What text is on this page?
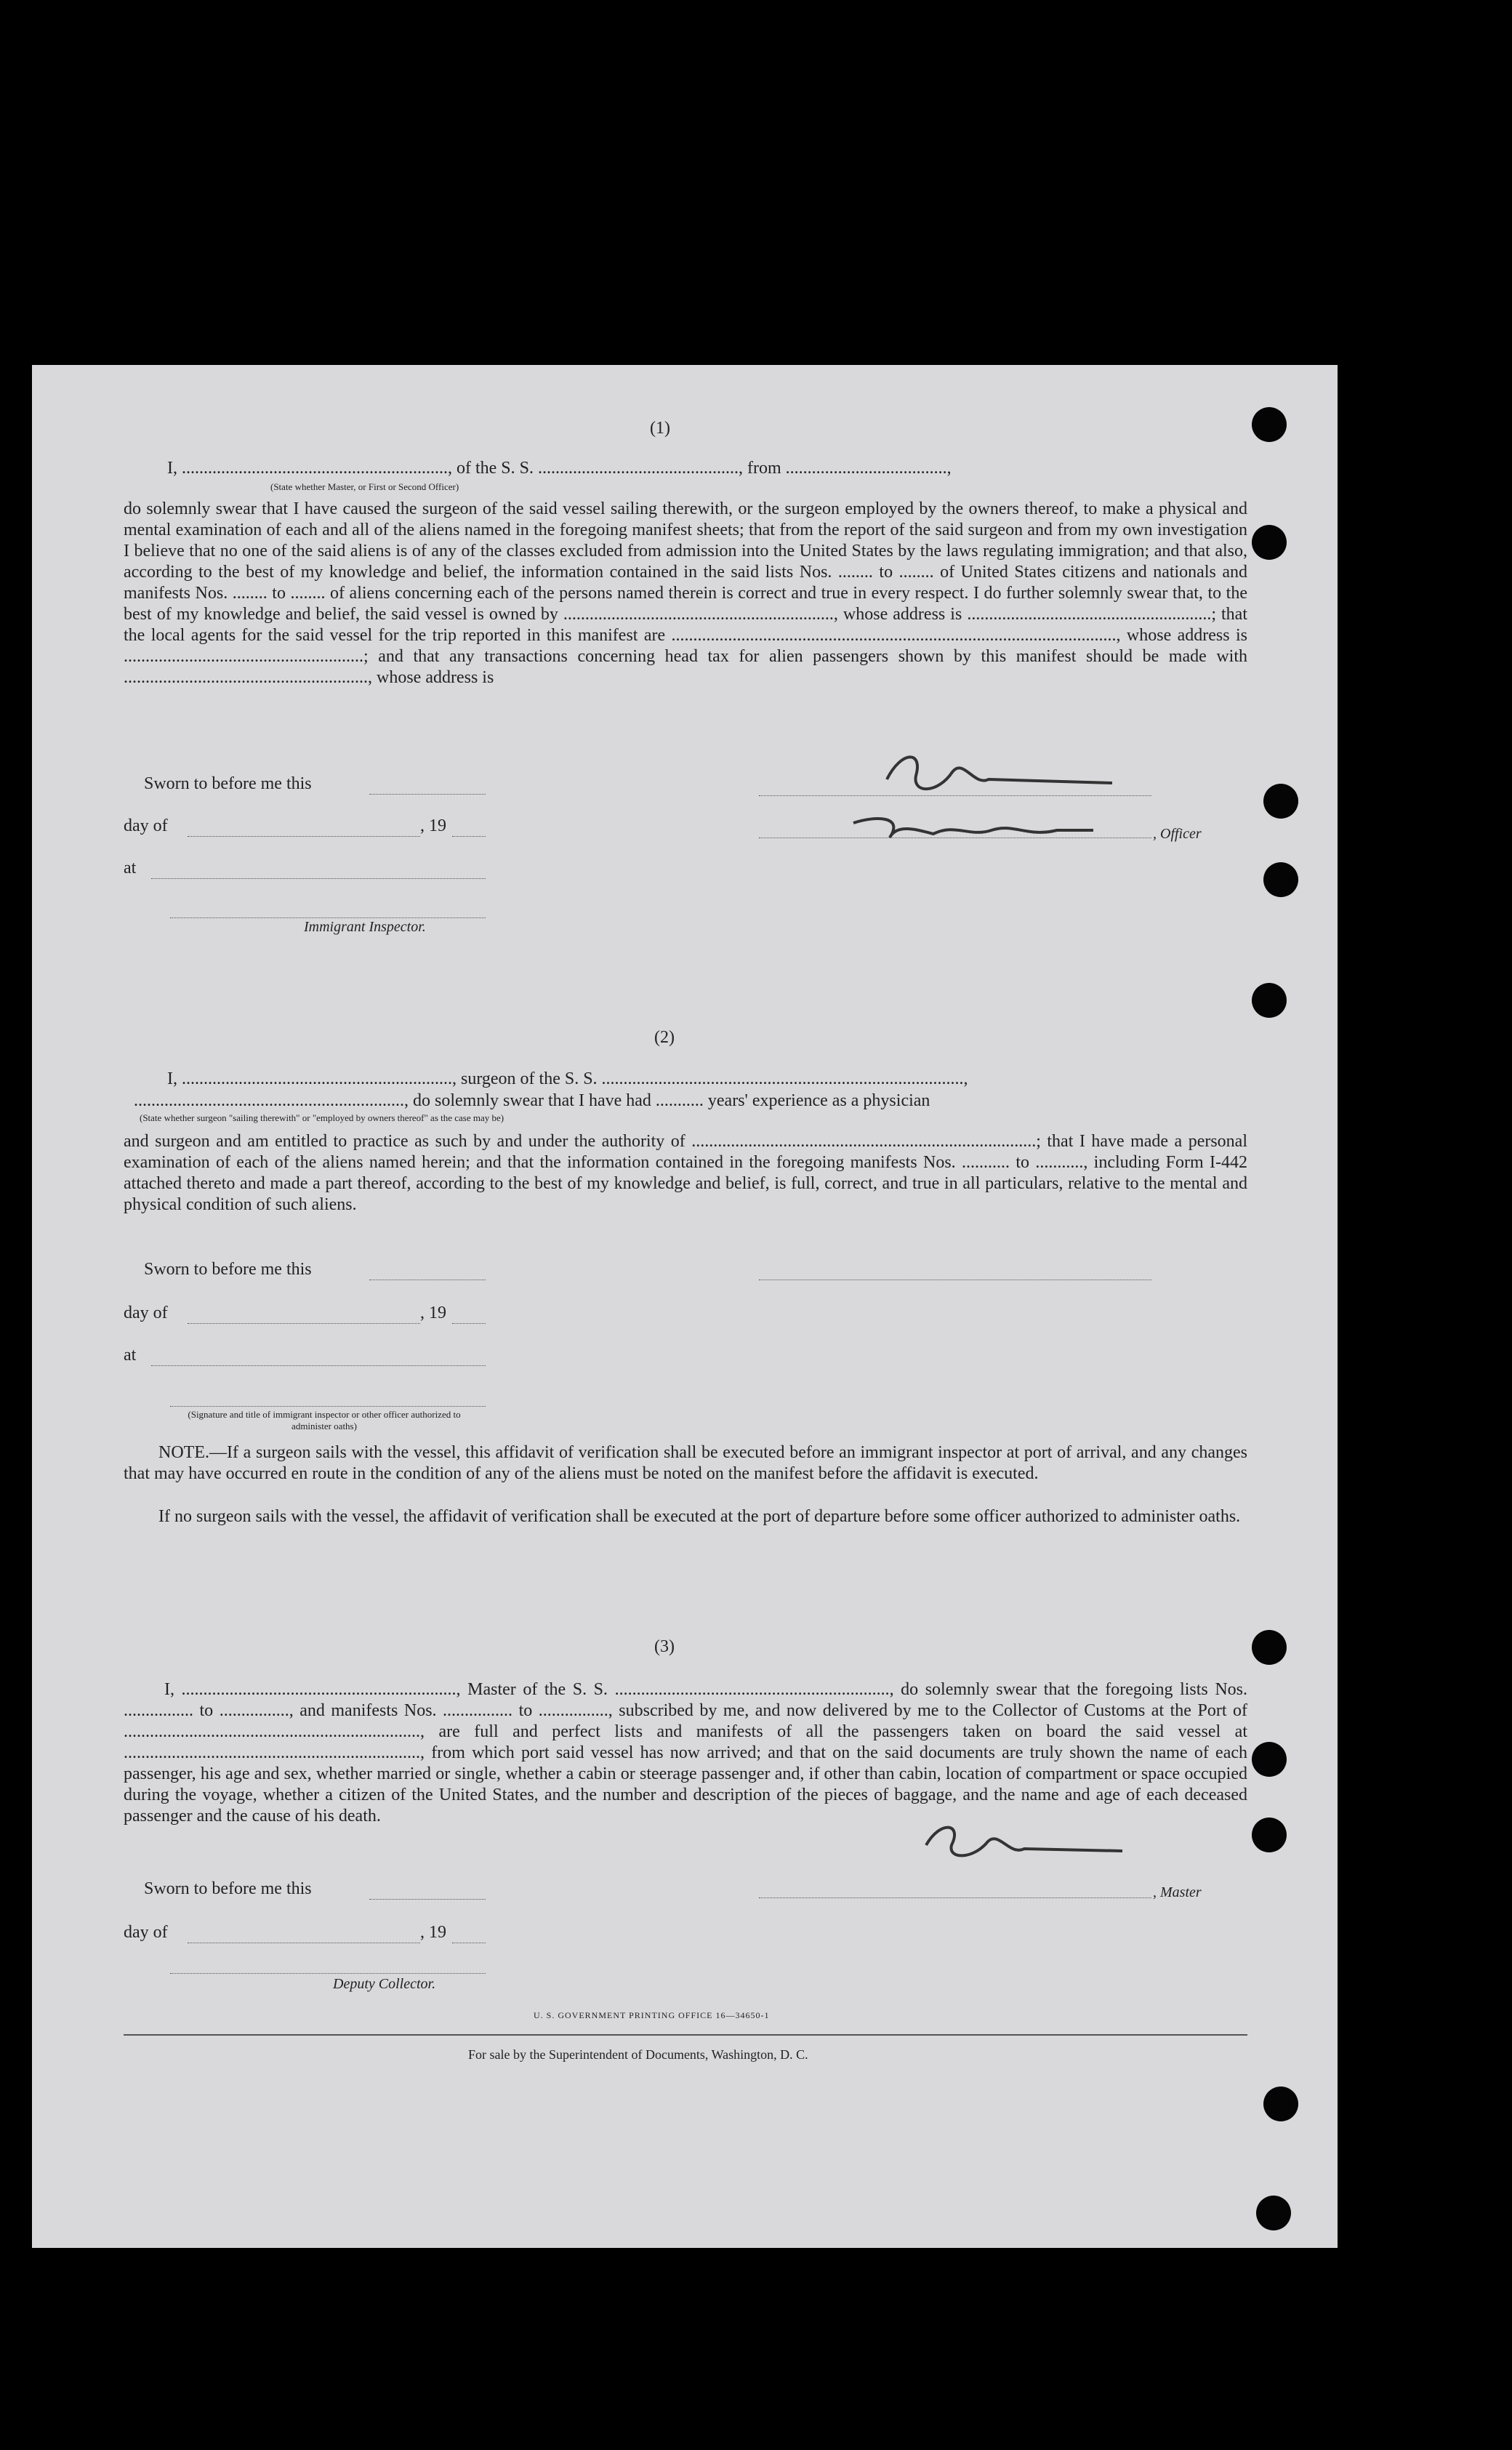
(1)
I, ............................................................., of the S. S. .............................................., from .....................................,
(State whether Master, or First or Second Officer)
do solemnly swear that I have caused the surgeon of the said vessel sailing therewith, or the surgeon employed by the owners thereof, to make a physical and mental examination of each and all of the aliens named in the foregoing manifest sheets; that from the report of the said surgeon and from my own investigation I believe that no one of the said aliens is of any of the classes excluded from admission into the United States by the laws regulating immigration; and that also, according to the best of my knowledge and belief, the information contained in the said lists Nos. ........ to ........ of United States citizens and nationals and manifests Nos. ........ to ........ of aliens concerning each of the persons named therein is correct and true in every respect. I do further solemnly swear that, to the best of my knowledge and belief, the said vessel is owned by .............................................................., whose address is ........................................................; that the local agents for the said vessel for the trip reported in this manifest are ......................................................................................................, whose address is .......................................................; and that any transactions concerning head tax for alien passengers shown by this manifest should be made with ........................................................, whose address is
Sworn to before me this
day of	, 19
at
Immigrant Inspector.
, Officer
(2)
I, .............................................................., surgeon of the S. S. ...................................................................................,
.............................................................., do solemnly swear that I have had ........... years' experience as a physician
(State whether surgeon "sailing therewith" or "employed by owners thereof" as the case may be)
and surgeon and am entitled to practice as such by and under the authority of ...............................................................................; that I have made a personal examination of each of the aliens named herein; and that the information contained in the foregoing manifests Nos. ........... to ..........., including Form I-442 attached thereto and made a part thereof, according to the best of my knowledge and belief, is full, correct, and true in all particulars, relative to the mental and physical condition of such aliens.
Sworn to before me this
day of	, 19
at
(Signature and title of immigrant inspector or other officer authorized to administer oaths)
NOTE.—If a surgeon sails with the vessel, this affidavit of verification shall be executed before an immigrant inspector at port of arrival, and any changes that may have occurred en route in the condition of any of the aliens must be noted on the manifest before the affidavit is executed.
If no surgeon sails with the vessel, the affidavit of verification shall be executed at the port of departure before some officer authorized to administer oaths.
(3)
I, ..............................................................., Master of the S. S. ..............................................................., do solemnly swear that the foregoing lists Nos. ................ to ................, and manifests Nos. ................ to ................, subscribed by me, and now delivered by me to the Collector of Customs at the Port of ...................................................................., are full and perfect lists and manifests of all the passengers taken on board the said vessel at ...................................................................., from which port said vessel has now arrived; and that on the said documents are truly shown the name of each passenger, his age and sex, whether married or single, whether a cabin or steerage passenger and, if other than cabin, location of compartment or space occupied during the voyage, whether a citizen of the United States, and the number and description of the pieces of baggage, and the name and age of each deceased passenger and the cause of his death.
Sworn to before me this	, Master
day of	, 19
Deputy Collector.
U. S. GOVERNMENT PRINTING OFFICE 16—34650-1
For sale by the Superintendent of Documents, Washington, D. C.
